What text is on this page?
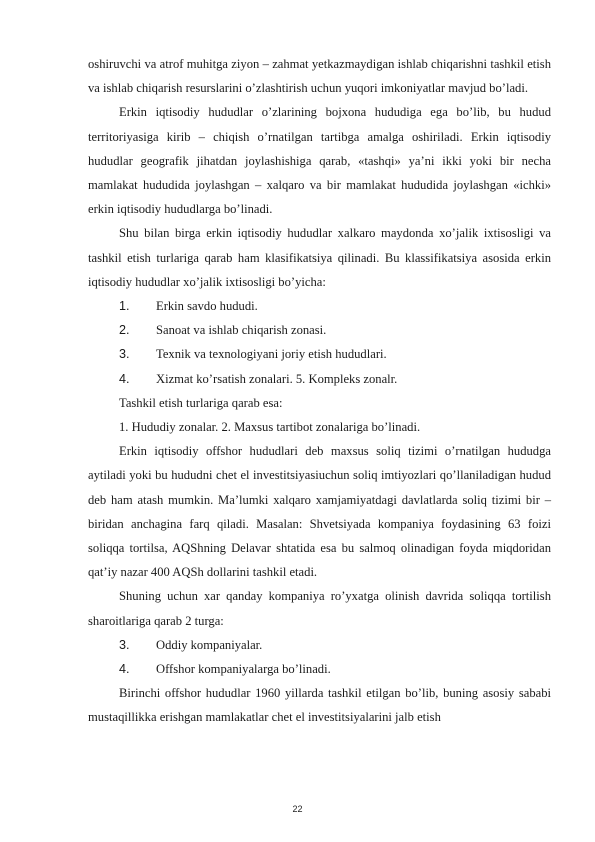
oshiruvchi va atrof muhitga ziyon – zahmat yetkazmaydigan ishlab chiqarishni tashkil etish va ishlab chiqarish resurslarini o’zlashtirish uchun yuqori imkoniyatlar mavjud bo’ladi.

Erkin iqtisodiy hududlar o’zlarining bojxona hududiga ega bo’lib, bu hudud territoriyasiga kirib – chiqish o’rnatilgan tartibga amalga oshiriladi. Erkin iqtisodiy hududlar geografik jihatdan joylashishiga qarab, «tashqi» ya’ni ikki yoki bir necha mamlakat hududida joylashgan – xalqaro va bir mamlakat hududida joylashgan «ichki» erkin iqtisodiy hududlarga bo’linadi.

Shu bilan birga erkin iqtisodiy hududlar xalkaro maydonda xo’jalik ixtisosligi va tashkil etish turlariga qarab ham klasifikatsiya qilinadi. Bu klassifikatsiya asosida erkin iqtisodiy hududlar xo’jalik ixtisosligi bo’yicha:

1.	Erkin savdo hududi.
2.	Sanoat va ishlab chiqarish zonasi.
3.	Texnik va texnologiyani joriy etish hududlari.
4.	Xizmat ko’rsatish zonalari. 5. Kompleks zonalr.

Tashkil etish turlariga qarab esa:

1. Hududiy zonalar. 2. Maxsus tartibot zonalariga bo’linadi.

Erkin iqtisodiy offshor hududlari deb maxsus soliq tizimi o’rnatilgan hududga aytiladi yoki bu hududni chet el investitsiyasiuchun soliq imtiyozlari qo’llaniladigan hudud deb ham atash mumkin. Ma’lumki xalqaro xamjamiyatdagi davlatlarda soliq tizimi bir – biridan anchagina farq qiladi. Masalan: Shvetsiyada kompaniya foydasining 63 foizi soliqqa tortilsa, AQShning Delavar shtatida esa bu salmoq olinadigan foyda miqdoridan qat’iy nazar 400 AQSh dollarini tashkil etadi.

Shuning uchun xar qanday kompaniya ro’yxatga olinish davrida soliqqa tortilish sharoitlariga qarab 2 turga:

3.	Oddiy kompaniyalar.
4.	Offshor kompaniyalarga bo’linadi.

Birinchi offshor hududlar 1960 yillarda tashkil etilgan bo’lib, buning asosiy sababi mustaqillikka erishgan mamlakatlar chet el investitsiyalarini jalb etish

22
